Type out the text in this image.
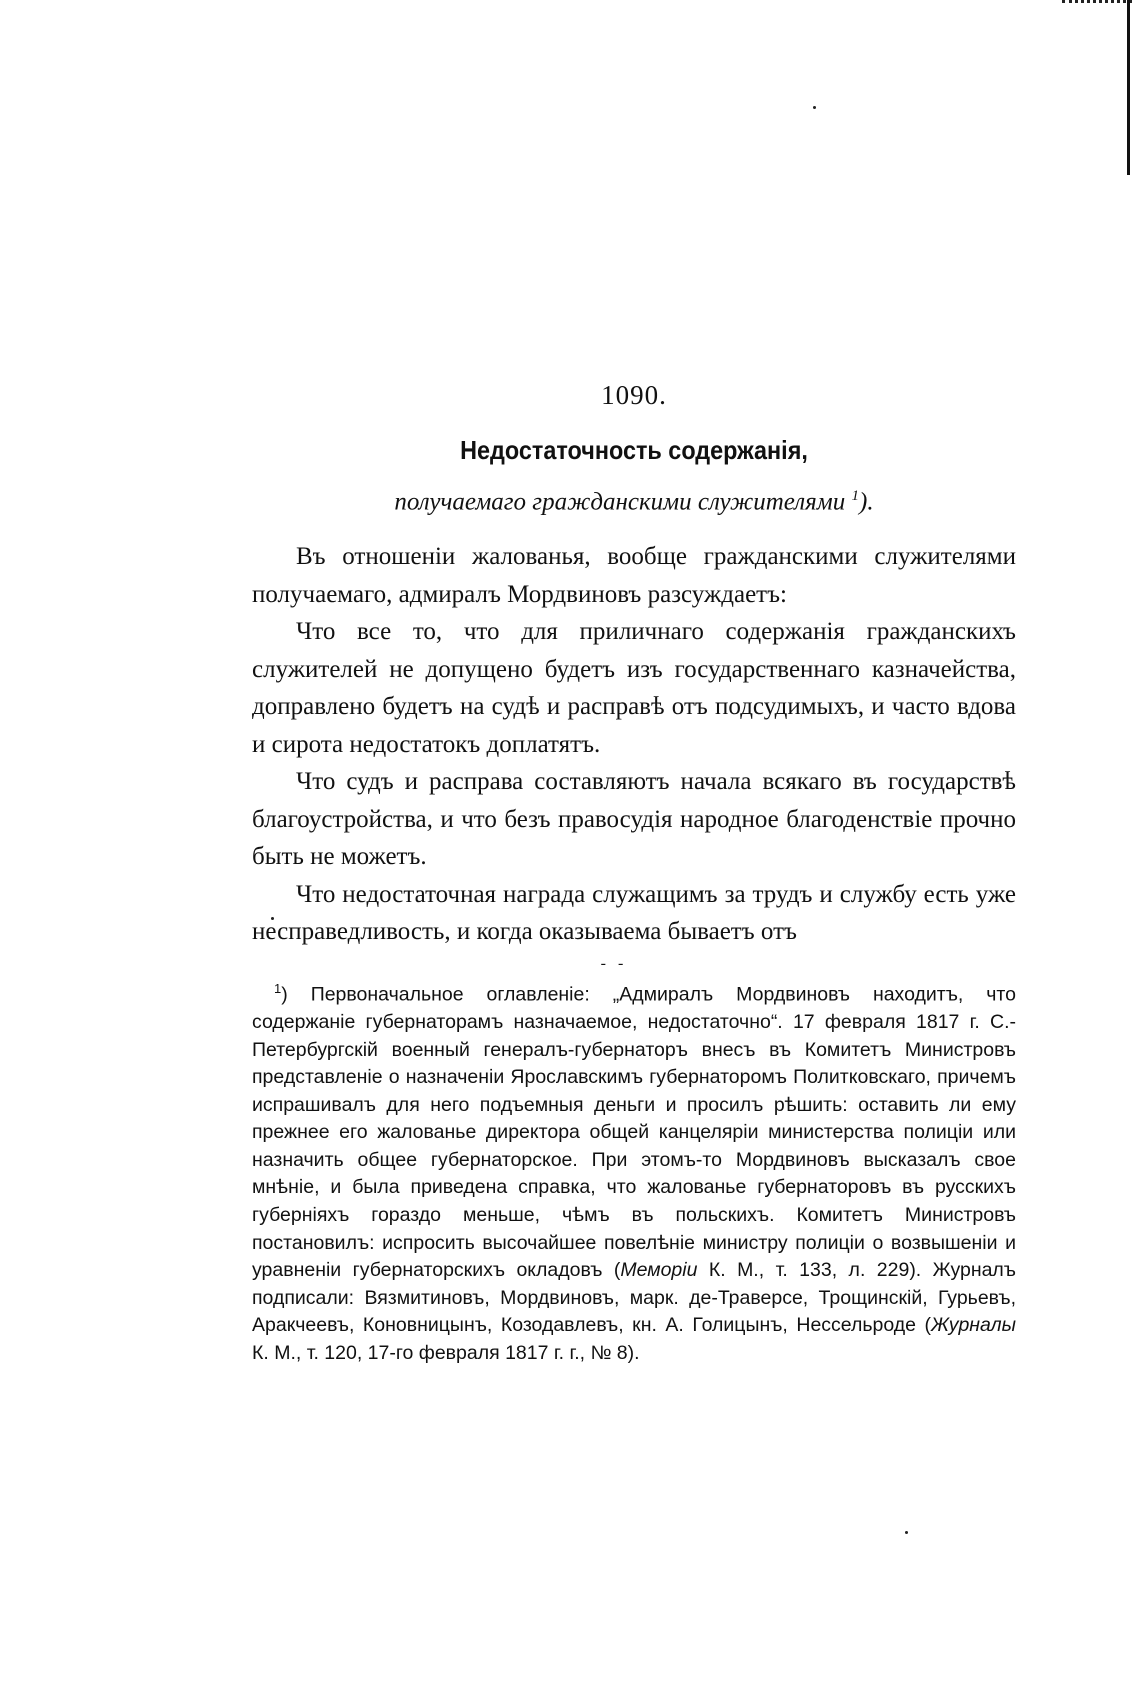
1090.
Недостаточность содержанія,
получаемаго гражданскими служителями $^1$).

Въ отношеніи жалованья, вообще гражданскими служителями получаемаго, адмиралъ Мордвиновъ разсуждаетъ:

Что все то, что для приличнаго содержанія гражданскихъ служителей не допущено будетъ изъ государственнаго казначейства, доправлено будетъ на судѣ и расправѣ отъ подсудимыхъ, и часто вдова и сирота недостатокъ доплатятъ.

Что судъ и расправа составляютъ начала всякаго въ государствѣ благоустройства, и что безъ правосудія народное благоденствіе прочно быть не можетъ.

Что недостаточная награда служащимъ за трудъ и службу есть уже несправедливость, и когда оказываема бываетъ отъ

- -

$^1$) Первоначальное оглавленіе: „Адмиралъ Мордвиновъ находитъ, что содержаніе губернаторамъ назначаемое, недостаточно“. 17 февраля 1817 г. С.-Петербургскій военный генералъ-губернаторъ внесъ въ Комитетъ Министровъ представленіе о назначеніи Ярославскимъ губернаторомъ Политковскаго, причемъ испрашивалъ для него подъемныя деньги и просилъ рѣшить: оставить ли ему прежнее его жалованье директора общей канцеляріи министерства полиціи или назначить общее губернаторское. При этомъ-то Мордвиновъ высказалъ свое мнѣніе, и была приведена справка, что жалованье губернаторовъ въ русскихъ губерніяхъ гораздо меньше, чѣмъ въ польскихъ. Комитетъ Министровъ постановилъ: испросить высочайшее повелѣніе министру полиціи о возвышеніи и уравненіи губернаторскихъ окладовъ (Меморіи К. М., т. 133, л. 229). Журналъ подписали: Вязмитиновъ, Мордвиновъ, марк. де-Траверсе, Трощинскій, Гурьевъ, Аракчеевъ, Коновницынъ, Козодавлевъ, кн. А. Голицынъ, Нессельроде (Журналы К. М., т. 120, 17-го февраля 1817 г. г., № 8).
